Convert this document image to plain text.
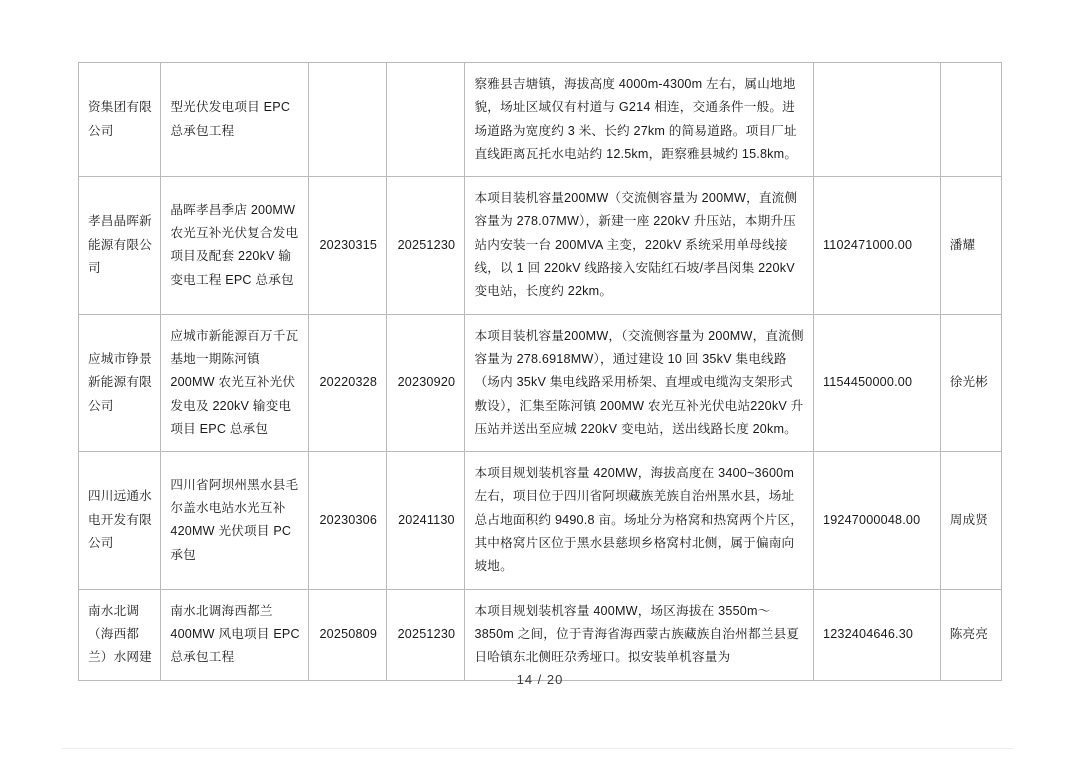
资集团有限公司	型光伏发电项目 EPC 总承包工程			察雅县吉塘镇，海拔高度 4000m-4300m 左右，属山地地貌，场址区域仅有村道与 G214 相连，交通条件一般。进场道路为宽度约 3 米、长约 27km 的简易道路。项目厂址直线距离瓦托水电站约 12.5km，距察雅县城约 15.8km。		
孝昌晶晖新能源有限公司	晶晖孝昌季店 200MW 农光互补光伏复合发电项目及配套 220kV 输变电工程 EPC 总承包	20230315	20251230	本项目装机容量200MW（交流侧容量为 200MW，直流侧容量为 278.07MW），新建一座 220kV 升压站，本期升压站内安装一台 200MVA 主变，220kV 系统采用单母线接线，以 1 回 220kV 线路接入安陆红石坡/孝昌闵集 220kV 变电站，长度约 22km。	1102471000.00	潘耀
应城市铮景新能源有限公司	应城市新能源百万千瓦基地一期陈河镇 200MW 农光互补光伏发电及 220kV 输变电项目 EPC 总承包	20220328	20230920	本项目装机容量200MW，（交流侧容量为 200MW，直流侧容量为 278.6918MW），通过建设 10 回 35kV 集电线路（场内 35kV 集电线路采用桥架、直埋或电缆沟支架形式敷设），汇集至陈河镇 200MW 农光互补光伏电站220kV 升压站并送出至应城 220kV 变电站，送出线路长度 20km。	1154450000.00	徐光彬
四川远通水电开发有限公司	四川省阿坝州黑水县毛尔盖水电站水光互补 420MW 光伏项目 PC 承包	20230306	20241130	本项目规划装机容量 420MW，海拔高度在 3400~3600m 左右，项目位于四川省阿坝藏族羌族自治州黑水县，场址总占地面积约 9490.8 亩。场址分为格窝和热窝两个片区，其中格窝片区位于黑水县慈坝乡格窝村北侧，属于偏南向坡地。	19247000048.00	周成贤
南水北调（海西都兰）水网建	南水北调海西都兰 400MW 风电项目 EPC 总承包工程	20250809	20251230	本项目规划装机容量 400MW，场区海拔在 3550m～3850m 之间，位于青海省海西蒙古族藏族自治州都兰县夏日哈镇东北侧旺尕秀垭口。拟安装单机容量为	1232404646.30	陈亮亮
14 / 20
